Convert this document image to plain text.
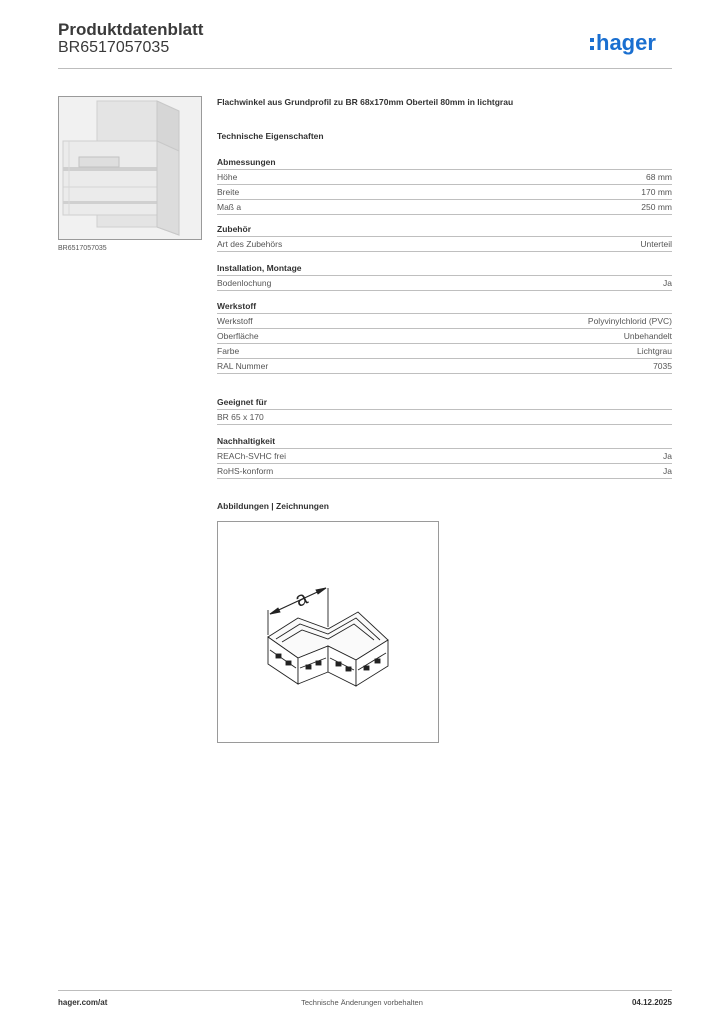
Produktdatenblatt
BR6517057035	hager
BR6517057035
Flachwinkel aus Grundprofil zu BR 68x170mm Oberteil 80mm in lichtgrau
Technische Eigenschaften
Abmessungen
Höhe	68 mm
Breite	170 mm
Maß a	250 mm
Zubehör
Art des Zubehörs	Unterteil
Installation, Montage
Bodenlochung	Ja
Werkstoff
Werkstoff	Polyvinylchlorid (PVC)
Oberfläche	Unbehandelt
Farbe	Lichtgrau
RAL Nummer	7035
Geeignet für
BR 65 x 170
Nachhaltigkeit
REACh-SVHC frei	Ja
RoHS-konform	Ja
Abbildungen | Zeichnungen
a
hager.com/at	Technische Änderungen vorbehalten	04.12.2025
